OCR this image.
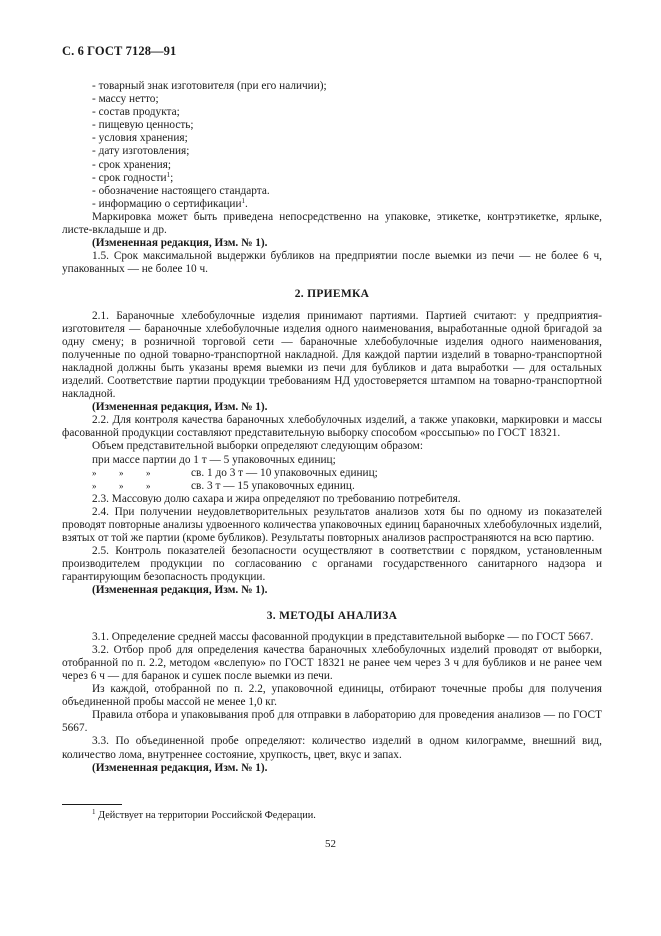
С. 6 ГОСТ 7128—91
- товарный знак изготовителя (при его наличии);
- массу нетто;
- состав продукта;
- пищевую ценность;
- условия хранения;
- дату изготовления;
- срок хранения;
- срок годности$^1$;
- обозначение настоящего стандарта.
- информацию о сертификации$^1$.

Маркировка может быть приведена непосредственно на упаковке, этикетке, контрэтикетке, ярлыке, листе-вкладыше и др.

(Измененная редакция, Изм. № 1).

1.5. Срок максимальной выдержки бубликов на предприятии после выемки из печи — не более 6 ч, упакованных — не более 10 ч.

2. ПРИЕМКА

2.1. Бараночные хлебобулочные изделия принимают партиями. Партией считают: у предприятия-изготовителя — бараночные хлебобулочные изделия одного наименования, выработанные одной бригадой за одну смену; в розничной торговой сети — бараночные хлебобулочные изделия одного наименования, полученные по одной товарно-транспортной накладной. Для каждой партии изделий в товарно-транспортной накладной должны быть указаны время выемки из печи для бубликов и дата выработки — для остальных изделий. Соответствие партии продукции требованиям НД удостоверяется штампом на товарно-транспортной накладной.

(Измененная редакция, Изм. № 1).

2.2. Для контроля качества бараночных хлебобулочных изделий, а также упаковки, маркировки и массы фасованной продукции составляют представительную выборку способом «россыпью» по ГОСТ 18321.

Объем представительной выборки определяют следующим образом:

при массе партии до 1 т — 5 упаковочных единиц;
»	»	»	св. 1 до 3 т — 10 упаковочных единиц;
»	»	»	св. 3 т — 15 упаковочных единиц.

2.3. Массовую долю сахара и жира определяют по требованию потребителя.

2.4. При получении неудовлетворительных результатов анализов хотя бы по одному из показателей проводят повторные анализы удвоенного количества упаковочных единиц бараночных хлебобулочных изделий, взятых от той же партии (кроме бубликов). Результаты повторных анализов распространяются на всю партию.

2.5. Контроль показателей безопасности осуществляют в соответствии с порядком, установленным производителем продукции по согласованию с органами государственного санитарного надзора и гарантирующим безопасность продукции.

(Измененная редакция, Изм. № 1).
3. МЕТОДЫ АНАЛИЗА

3.1. Определение средней массы фасованной продукции в представительной выборке — по ГОСТ 5667.

3.2. Отбор проб для определения качества бараночных хлебобулочных изделий проводят от выборки, отобранной по п. 2.2, методом «вслепую» по ГОСТ 18321 не ранее чем через 3 ч для бубликов и не ранее чем через 6 ч — для баранок и сушек после выемки из печи.

Из каждой, отобранной по п. 2.2, упаковочной единицы, отбирают точечные пробы для получения объединенной пробы массой не менее 1,0 кг.

Правила отбора и упаковывания проб для отправки в лабораторию для проведения анализов — по ГОСТ 5667.

3.3. По объединенной пробе определяют: количество изделий в одном килограмме, внешний вид, количество лома, внутреннее состояние, хрупкость, цвет, вкус и запах.

(Измененная редакция, Изм. № 1).
$^1$ Действует на территории Российской Федерации.
52
